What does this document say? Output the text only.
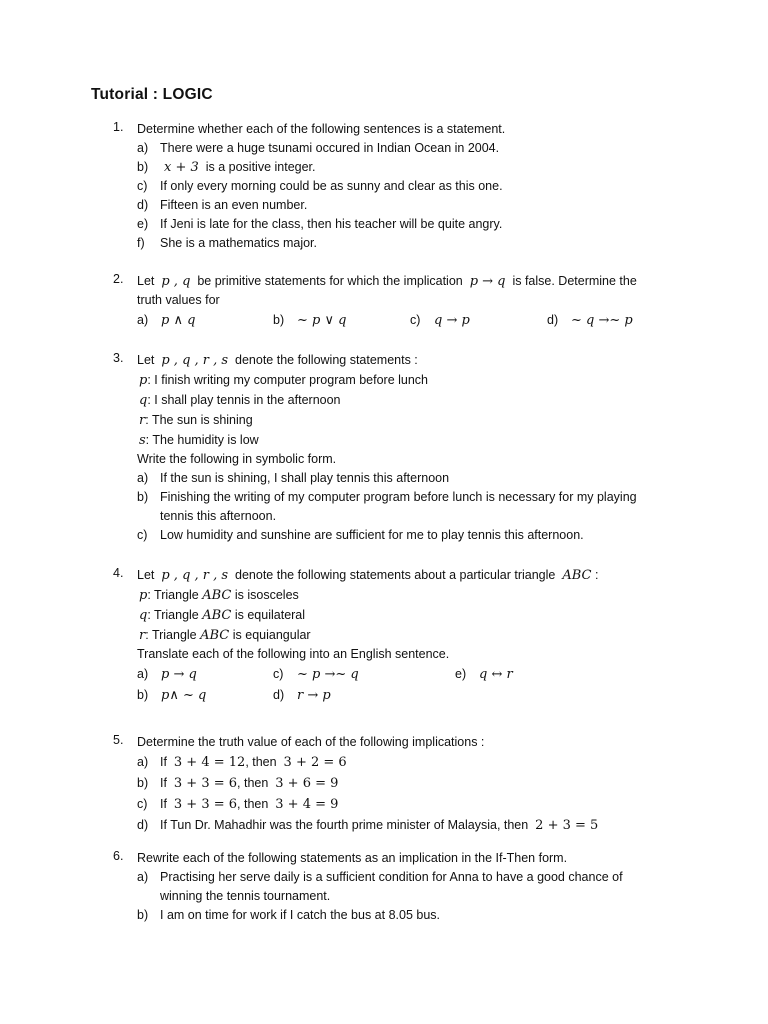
Tutorial : LOGIC
1.	Determine whether each of the following sentences is a statement.
a) There were a huge tsunami occured in Indian Ocean in 2004.
b)	x + 3 is a positive integer.
c) If only every morning could be as sunny and clear as this one.
d) Fifteen is an even number.
e) If Jeni is late for the class, then his teacher will be quite angry.
f) She is a mathematics major.
2.	Let p , q be primitive statements for which the implication p → q is false. Determine the
truth values for
a) p ∧ q	b) ~ p ∨ q	c) q → p	d) ~ q →~ p
3.	Let p , q , r , s denote the following statements :
p: I finish writing my computer program before lunch
q: I shall play tennis in the afternoon
r: The sun is shining
s: The humidity is low
Write the following in symbolic form.
a) If the sun is shining, I shall play tennis this afternoon
b) Finishing the writing of my computer program before lunch is necessary for my playing tennis this afternoon.
c) Low humidity and sunshine are sufficient for me to play tennis this afternoon.
4.	Let p , q , r , s denote the following statements about a particular triangle ABC :
p: Triangle ABC is isosceles
q: Triangle ABC is equilateral
r: Triangle ABC is equiangular
Translate each of the following into an English sentence.
a) p → q	c) ~ p →~ q	e) q ↔ r
b) p∧ ~ q	d) r → p
5.	Determine the truth value of each of the following implications :
a) If 3 + 4 = 12, then 3 + 2 = 6
b) If 3 + 3 = 6, then 3 + 6 = 9
c) If 3 + 3 = 6, then 3 + 4 = 9
d) If Tun Dr. Mahadhir was the fourth prime minister of Malaysia, then 2 + 3 = 5
6.	Rewrite each of the following statements as an implication in the If-Then form.
a) Practising her serve daily is a sufficient condition for Anna to have a good chance of winning the tennis tournament.
b) I am on time for work if I catch the bus at 8.05 bus.
